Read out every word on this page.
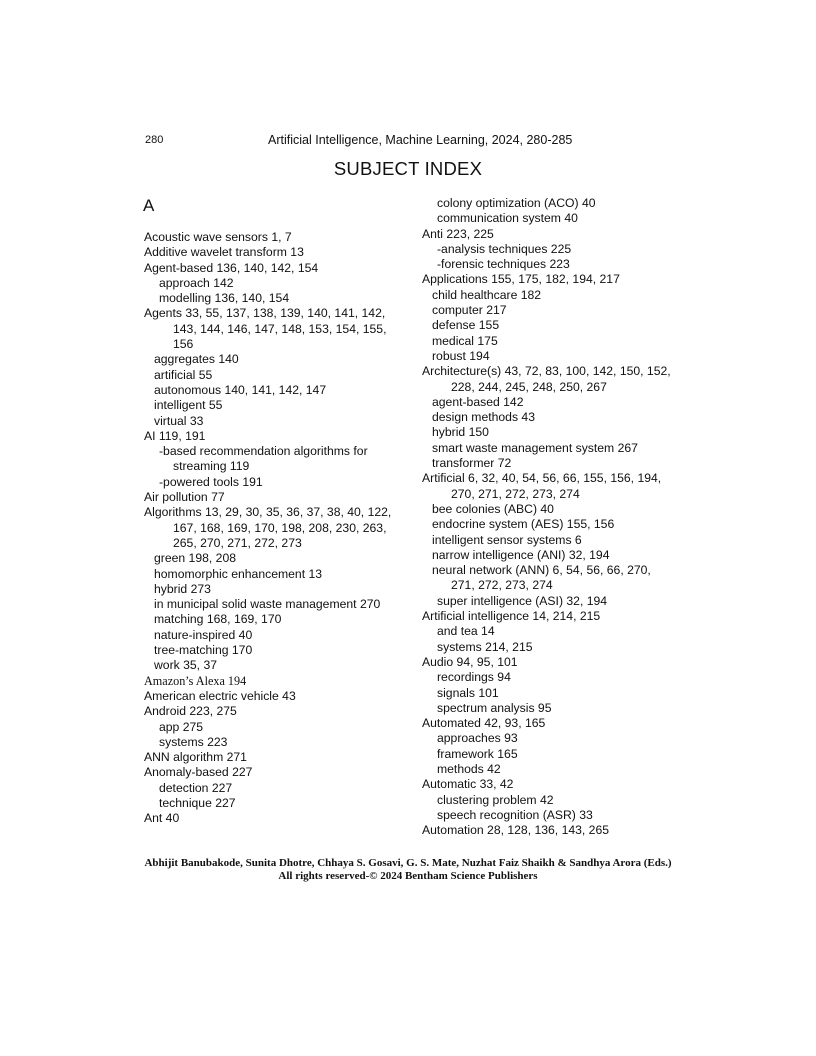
280	Artificial Intelligence, Machine Learning, 2024, 280-285
SUBJECT INDEX
A
Acoustic wave sensors 1, 7
Additive wavelet transform 13
Agent-based 136, 140, 142, 154
approach 142
modelling 136, 140, 154
Agents 33, 55, 137, 138, 139, 140, 141, 142,
143, 144, 146, 147, 148, 153, 154, 155,
156
aggregates 140
artificial 55
autonomous 140, 141, 142, 147
intelligent 55
virtual 33
AI 119, 191
-based recommendation algorithms for
streaming 119
-powered tools 191
Air pollution 77
Algorithms 13, 29, 30, 35, 36, 37, 38, 40, 122,
167, 168, 169, 170, 198, 208, 230, 263,
265, 270, 271, 272, 273
green 198, 208
homomorphic enhancement 13
hybrid 273
in municipal solid waste management 270
matching 168, 169, 170
nature-inspired 40
tree-matching 170
work 35, 37
Amazon’s Alexa 194
American electric vehicle 43
Android 223, 275
app 275
systems 223
ANN algorithm 271
Anomaly-based 227
detection 227
technique 227
Ant 40
colony optimization (ACO) 40
communication system 40
Anti 223, 225
-analysis techniques 225
-forensic techniques 223
Applications 155, 175, 182, 194, 217
child healthcare 182
computer 217
defense 155
medical 175
robust 194
Architecture(s) 43, 72, 83, 100, 142, 150, 152,
228, 244, 245, 248, 250, 267
agent-based 142
design methods 43
hybrid 150
smart waste management system 267
transformer 72
Artificial 6, 32, 40, 54, 56, 66, 155, 156, 194,
270, 271, 272, 273, 274
bee colonies (ABC) 40
endocrine system (AES) 155, 156
intelligent sensor systems 6
narrow intelligence (ANI) 32, 194
neural network (ANN) 6, 54, 56, 66, 270,
271, 272, 273, 274
super intelligence (ASI) 32, 194
Artificial intelligence 14, 214, 215
and tea 14
systems 214, 215
Audio 94, 95, 101
recordings 94
signals 101
spectrum analysis 95
Automated 42, 93, 165
approaches 93
framework 165
methods 42
Automatic 33, 42
clustering problem 42
speech recognition (ASR) 33
Automation 28, 128, 136, 143, 265
Abhijit Banubakode, Sunita Dhotre, Chhaya S. Gosavi, G. S. Mate, Nuzhat Faiz Shaikh & Sandhya Arora (Eds.)
All rights reserved-© 2024 Bentham Science Publishers
